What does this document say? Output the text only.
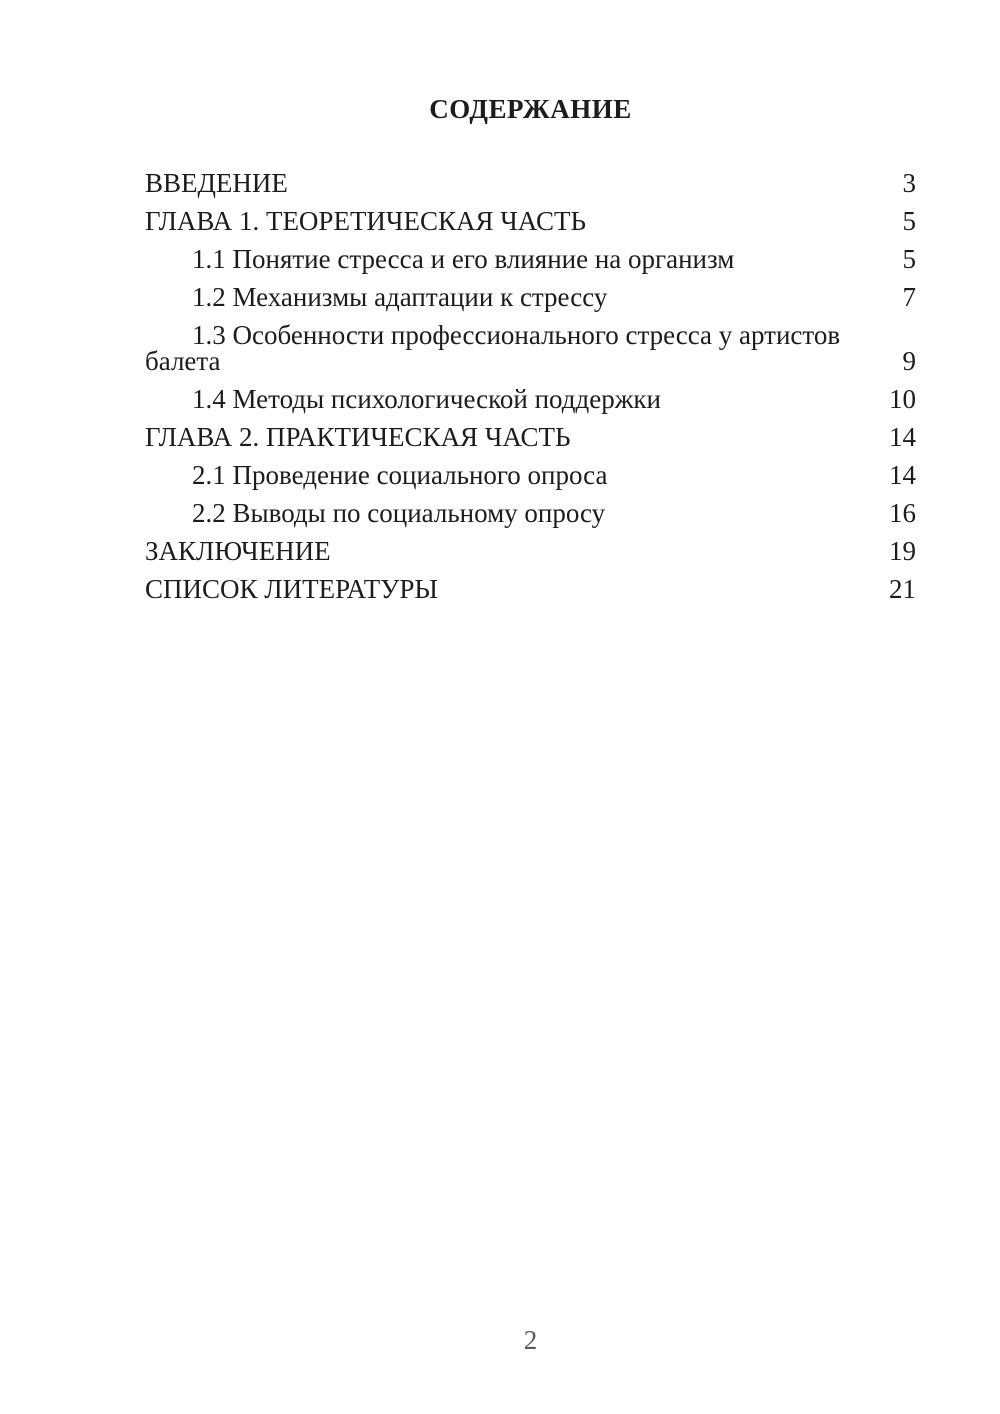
СОДЕРЖАНИЕ
ВВЕДЕНИЕ	3
ГЛАВА 1. ТЕОРЕТИЧЕСКАЯ ЧАСТЬ	5
1.1 Понятие стресса и его влияние на организм	5
1.2 Механизмы адаптации к стрессу	7
1.3 Особенности профессионального стресса у артистов балета	9
1.4 Методы психологической поддержки	10
ГЛАВА 2. ПРАКТИЧЕСКАЯ ЧАСТЬ	14
2.1 Проведение социального опроса	14
2.2 Выводы по социальному опросу	16
ЗАКЛЮЧЕНИЕ	19
СПИСОК ЛИТЕРАТУРЫ	21
2
